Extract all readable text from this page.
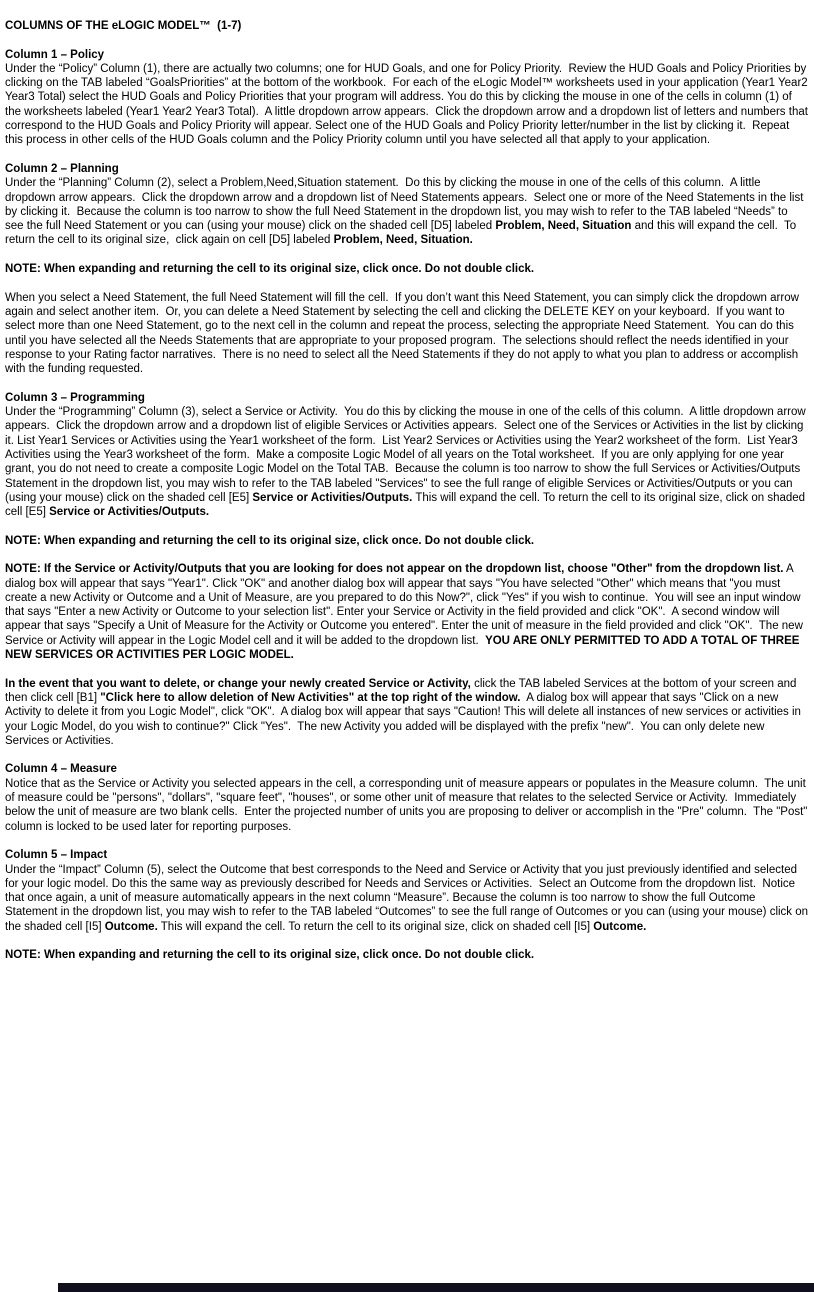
COLUMNS OF THE eLOGIC MODEL™  (1-7)
Column 1 – Policy
Under the “Policy” Column (1), there are actually two columns; one for HUD Goals, and one for Policy Priority.  Review the HUD Goals and Policy Priorities by clicking on the TAB labeled “GoalsPriorities” at the bottom of the workbook.  For each of the eLogic Model™ worksheets used in your application (Year1 Year2 Year3 Total) select the HUD Goals and Policy Priorities that your program will address. You do this by clicking the mouse in one of the cells in column (1) of the worksheets labeled (Year1 Year2 Year3 Total).  A little dropdown arrow appears.  Click the dropdown arrow and a dropdown list of letters and numbers that correspond to the HUD Goals and Policy Priority will appear. Select one of the HUD Goals and Policy Priority letter/number in the list by clicking it.  Repeat this process in other cells of the HUD Goals column and the Policy Priority column until you have selected all that apply to your application.
Column 2 – Planning
Under the “Planning” Column (2), select a Problem,Need,Situation statement.  Do this by clicking the mouse in one of the cells of this column.  A little dropdown arrow appears.  Click the dropdown arrow and a dropdown list of Need Statements appears.  Select one or more of the Need Statements in the list by clicking it.  Because the column is too narrow to show the full Need Statement in the dropdown list, you may wish to refer to the TAB labeled “Needs” to see the full Need Statement or you can (using your mouse) click on the shaded cell [D5] labeled Problem, Need, Situation and this will expand the cell.  To return the cell to its original size,  click again on cell [D5] labeled Problem, Need, Situation.
NOTE: When expanding and returning the cell to its original size, click once. Do not double click.
When you select a Need Statement, the full Need Statement will fill the cell.  If you don’t want this Need Statement, you can simply click the dropdown arrow again and select another item.  Or, you can delete a Need Statement by selecting the cell and clicking the DELETE KEY on your keyboard.  If you want to select more than one Need Statement, go to the next cell in the column and repeat the process, selecting the appropriate Need Statement.  You can do this until you have selected all the Needs Statements that are appropriate to your proposed program.  The selections should reflect the needs identified in your response to your Rating factor narratives.  There is no need to select all the Need Statements if they do not apply to what you plan to address or accomplish with the funding requested.
Column 3 – Programming
Under the “Programming” Column (3), select a Service or Activity.  You do this by clicking the mouse in one of the cells of this column.  A little dropdown arrow appears.  Click the dropdown arrow and a dropdown list of eligible Services or Activities appears.  Select one of the Services or Activities in the list by clicking it. List Year1 Services or Activities using the Year1 worksheet of the form.  List Year2 Services or Activities using the Year2 worksheet of the form.  List Year3 Activities using the Year3 worksheet of the form.  Make a composite Logic Model of all years on the Total worksheet.  If you are only applying for one year grant, you do not need to create a composite Logic Model on the Total TAB.  Because the column is too narrow to show the full Services or Activities/Outputs Statement in the dropdown list, you may wish to refer to the TAB labeled "Services" to see the full range of eligible Services or Activities/Outputs or you can (using your mouse) click on the shaded cell [E5] Service or Activities/Outputs. This will expand the cell. To return the cell to its original size, click on shaded cell [E5] Service or Activities/Outputs.
NOTE: When expanding and returning the cell to its original size, click once. Do not double click.
NOTE: If the Service or Activity/Outputs that you are looking for does not appear on the dropdown list, choose "Other" from the dropdown list. A dialog box will appear that says "Year1". Click "OK" and another dialog box will appear that says "You have selected "Other" which means that "you must create a new Activity or Outcome and a Unit of Measure, are you prepared to do this Now?", click "Yes" if you wish to continue.  You will see an input window that says "Enter a new Activity or Outcome to your selection list". Enter your Service or Activity in the field provided and click "OK".  A second window will appear that says "Specify a Unit of Measure for the Activity or Outcome you entered". Enter the unit of measure in the field provided and click "OK".  The new Service or Activity will appear in the Logic Model cell and it will be added to the dropdown list.  YOU ARE ONLY PERMITTED TO ADD A TOTAL OF THREE NEW SERVICES OR ACTIVITIES PER LOGIC MODEL.
In the event that you want to delete, or change your newly created Service or Activity, click the TAB labeled Services at the bottom of your screen and then click cell [B1] "Click here to allow deletion of New Activities" at the top right of the window.  A dialog box will appear that says "Click on a new Activity to delete it from you Logic Model", click "OK".  A dialog box will appear that says "Caution! This will delete all instances of new services or activities in your Logic Model, do you wish to continue?" Click "Yes".  The new Activity you added will be displayed with the prefix "new".  You can only delete new Services or Activities.
Column 4 – Measure
Notice that as the Service or Activity you selected appears in the cell, a corresponding unit of measure appears or populates in the Measure column.  The unit of measure could be "persons", "dollars", "square feet", "houses", or some other unit of measure that relates to the selected Service or Activity.  Immediately below the unit of measure are two blank cells.  Enter the projected number of units you are proposing to deliver or accomplish in the "Pre" column.  The "Post" column is locked to be used later for reporting purposes.
Column 5 – Impact
Under the “Impact” Column (5), select the Outcome that best corresponds to the Need and Service or Activity that you just previously identified and selected for your logic model. Do this the same way as previously described for Needs and Services or Activities.  Select an Outcome from the dropdown list.  Notice that once again, a unit of measure automatically appears in the next column “Measure”. Because the column is too narrow to show the full Outcome Statement in the dropdown list, you may wish to refer to the TAB labeled “Outcomes” to see the full range of Outcomes or you can (using your mouse) click on the shaded cell [I5] Outcome. This will expand the cell. To return the cell to its original size, click on shaded cell [I5] Outcome.
NOTE: When expanding and returning the cell to its original size, click once. Do not double click.
